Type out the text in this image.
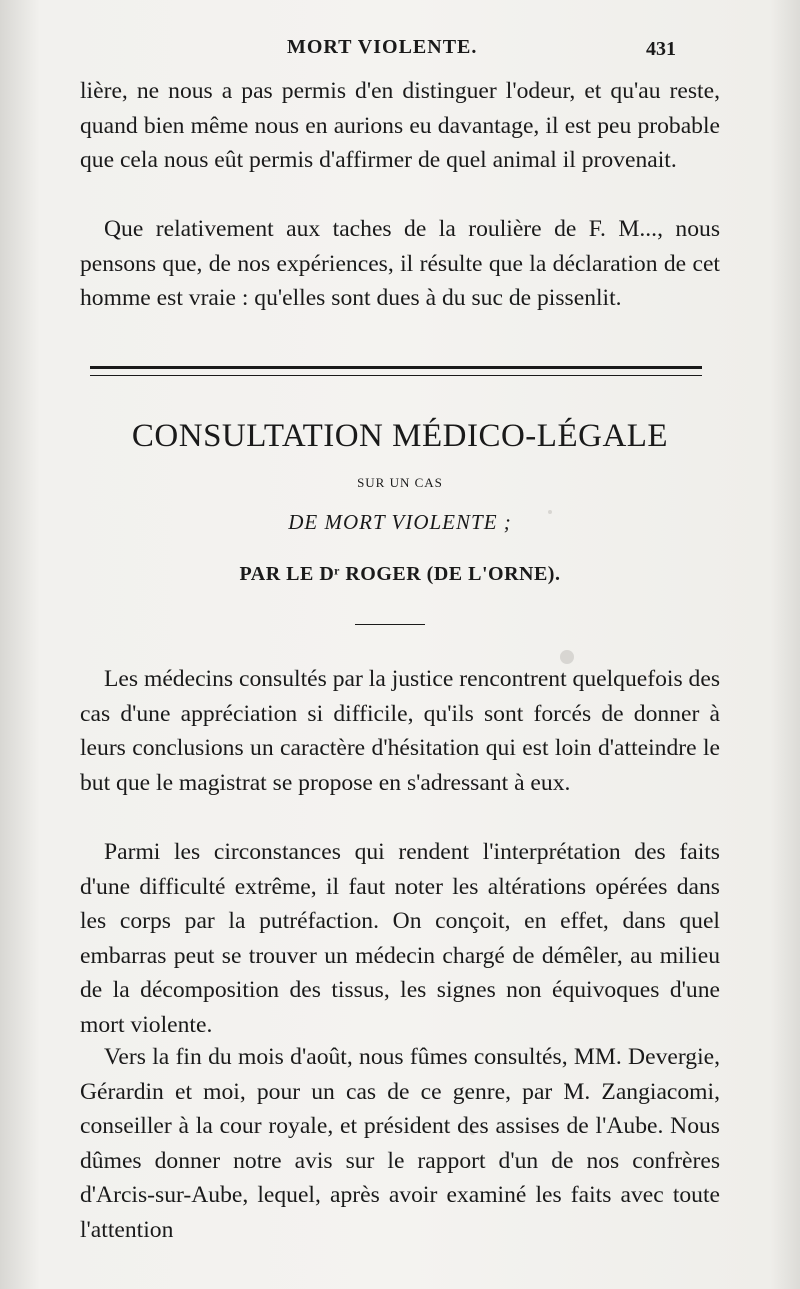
MORT VIOLENTE.	431

lière, ne nous a pas permis d'en distinguer l'odeur, et qu'au reste, quand bien même nous en aurions eu davantage, il est peu probable que cela nous eût permis d'affirmer de quel animal il provenait.

Que relativement aux taches de la roulière de F. M..., nous pensons que, de nos expériences, il résulte que la déclaration de cet homme est vraie : qu'elles sont dues à du suc de pissenlit.

CONSULTATION MÉDICO-LÉGALE
SUR UN CAS
DE MORT VIOLENTE ;
PAR LE Dʳ ROGER (DE L'ORNE).

Les médecins consultés par la justice rencontrent quelquefois des cas d'une appréciation si difficile, qu'ils sont forcés de donner à leurs conclusions un caractère d'hésitation qui est loin d'atteindre le but que le magistrat se propose en s'adressant à eux.

Parmi les circonstances qui rendent l'interprétation des faits d'une difficulté extrême, il faut noter les altérations opérées dans les corps par la putréfaction. On conçoit, en effet, dans quel embarras peut se trouver un médecin chargé de démêler, au milieu de la décomposition des tissus, les signes non équivoques d'une mort violente.

Vers la fin du mois d'août, nous fûmes consultés, MM. Devergie, Gérardin et moi, pour un cas de ce genre, par M. Zangiacomi, conseiller à la cour royale, et président des assises de l'Aube. Nous dûmes donner notre avis sur le rapport d'un de nos confrères d'Arcis-sur-Aube, lequel, après avoir examiné les faits avec toute l'attention
